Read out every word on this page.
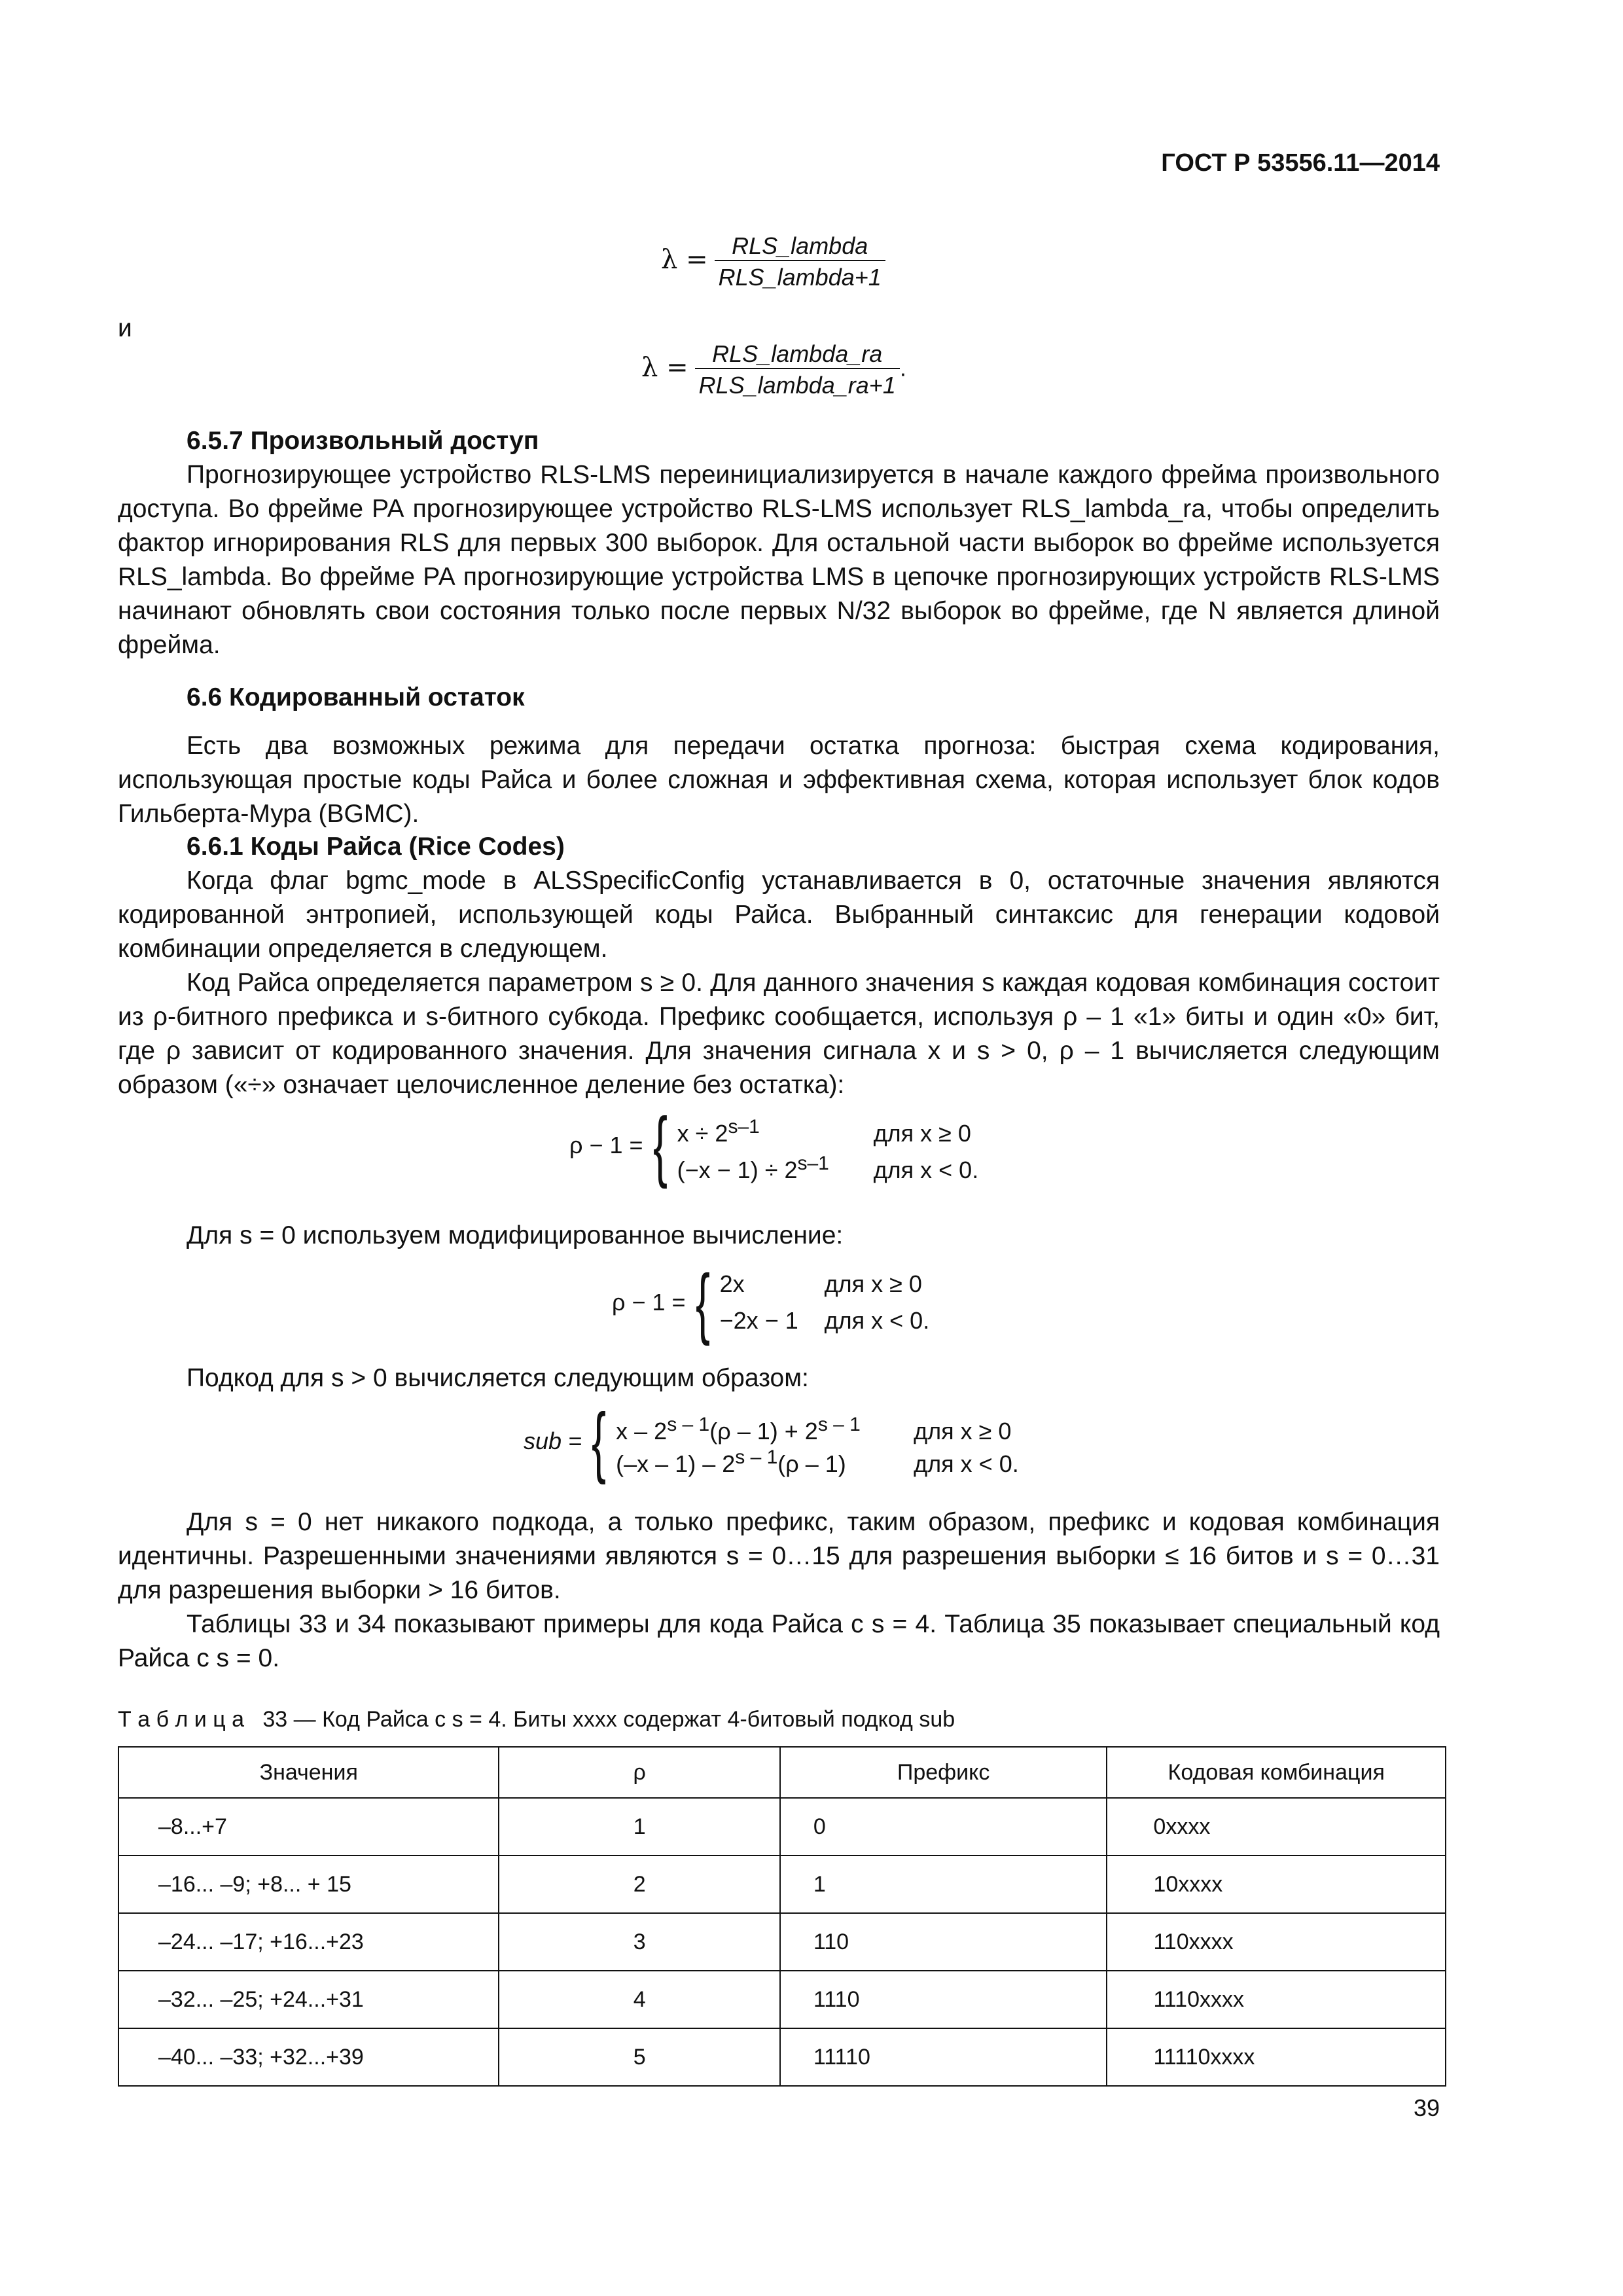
ГОСТ Р 53556.11—2014
$\lambda = \frac{\text{RLS\_lambda}}{\text{RLS\_lambda+1}}$
и
$\lambda = \frac{\text{RLS\_lambda\_ra}}{\text{RLS\_lambda\_ra+1}}$ .

6.5.7 Произвольный доступ

Прогнозирующее устройство RLS-LMS переинициализируется в начале каждого фрейма произвольного доступа. Во фрейме РА прогнозирующее устройство RLS-LMS использует RLS_lambda_ra, чтобы определить фактор игнорирования RLS для первых 300 выборок. Для остальной части выборок во фрейме используется RLS_lambda. Во фрейме РА прогнозирующие устройства LMS в цепочке прогнозирующих устройств RLS-LMS начинают обновлять свои состояния только после первых N/32 выборок во фрейме, где N является длиной фрейма.

6.6 Кодированный остаток

Есть два возможных режима для передачи остатка прогноза: быстрая схема кодирования, использующая простые коды Райса и более сложная и эффективная схема, которая использует блок кодов Гильберта-Мура (BGMC).

6.6.1 Коды Райса (Rice Codes)

Когда флаг bgmc_mode в ALSSpecificConfig устанавливается в 0, остаточные значения являются кодированной энтропией, использующей коды Райса. Выбранный синтаксис для генерации кодовой комбинации определяется в следующем.

Код Райса определяется параметром s ≥ 0. Для данного значения s каждая кодовая комбинация состоит из ρ-битного префикса и s-битного субкода. Префикс сообщается, используя ρ – 1 «1» биты и один «0» бит, где ρ зависит от кодированного значения. Для значения сигнала x и s > 0, ρ – 1 вычисляется следующим образом («÷» означает целочисленное деление без остатка):

ρ − 1 = { $x \div 2^{s-1}$	для x ≥ 0
$(-x - 1) \div 2^{s-1}$ для x < 0.

Для s = 0 используем модифицированное вычисление:

ρ − 1 = { 2x	для x ≥ 0
−2x − 1 для x < 0.

Подкод для s > 0 вычисляется следующим образом:

sub = { $x - 2^{s - 1}(\rho - 1) + 2^{s - 1}$ для x ≥ 0
(–x – 1) – 2$^{s - 1}$(ρ – 1)	для x < 0.

Для s = 0 нет никакого подкода, а только префикс, таким образом, префикс и кодовая комбинация идентичны. Разрешенными значениями являются s = 0…15 для разрешения выборки ≤ 16 битов и s = 0…31 для разрешения выборки > 16 битов.

Таблицы 33 и 34 показывают примеры для кода Райса с s = 4. Таблица 35 показывает специальный код Райса с s = 0.

Т а б л и ц а 33 — Код Райса с s = 4. Биты хххх содержат 4-битовый подкод sub
Значения	ρ	Префикс	Кодовая комбинация
–8...+7	1	0	0хххх
–16... –9; +8... + 15	2	1	10хххх
–24... –17; +16...+23	3	110	110хххх
–32... –25; +24...+31	4	1110	1110хххх
–40... –33; +32...+39	5	11110	11110хххх
39
